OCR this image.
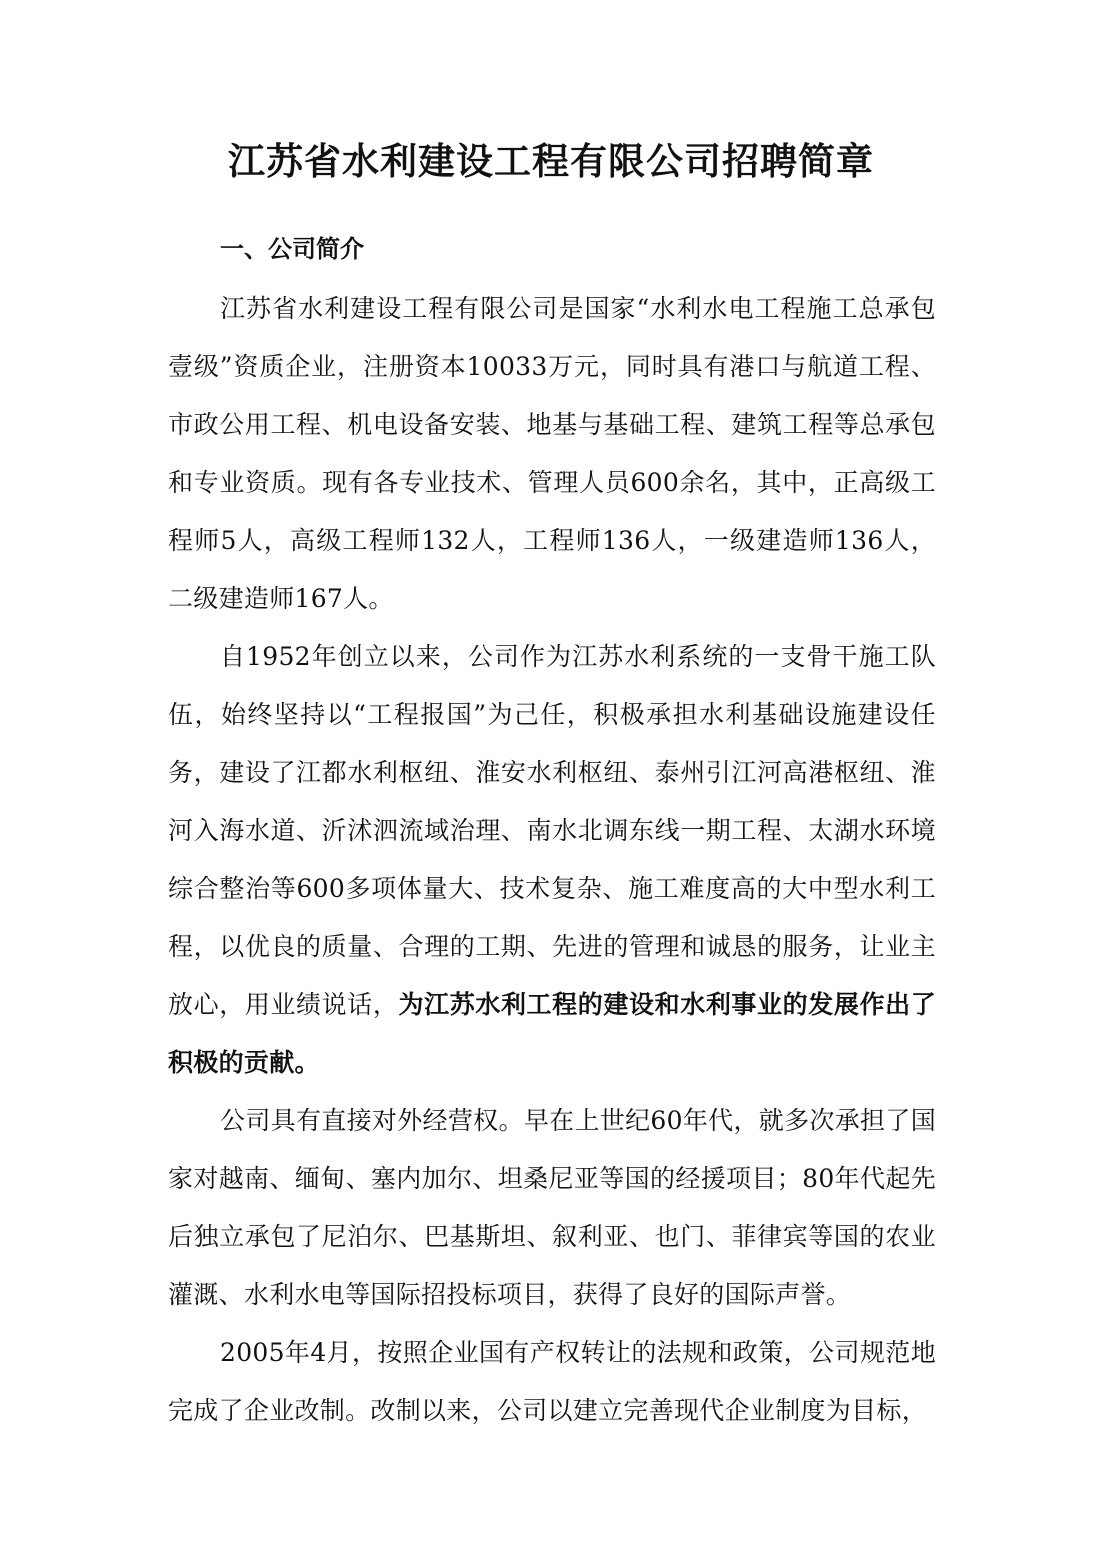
江苏省水利建设工程有限公司招聘简章
一、公司简介

江苏省水利建设工程有限公司是国家“水利水电工程施工总承包壹级”资质企业，注册资本10033万元，同时具有港口与航道工程、市政公用工程、机电设备安装、地基与基础工程、建筑工程等总承包和专业资质。现有各专业技术、管理人员600余名，其中，正高级工程师5人，高级工程师132人，工程师136人，一级建造师136人，二级建造师167人。

自1952年创立以来，公司作为江苏水利系统的一支骨干施工队伍，始终坚持以“工程报国”为己任，积极承担水利基础设施建设任务，建设了江都水利枢纽、淮安水利枢纽、泰州引江河高港枢纽、淮河入海水道、沂沭泗流域治理、南水北调东线一期工程、太湖水环境综合整治等600多项体量大、技术复杂、施工难度高的大中型水利工程，以优良的质量、合理的工期、先进的管理和诚恳的服务，让业主放心，用业绩说话，为江苏水利工程的建设和水利事业的发展作出了积极的贡献。

公司具有直接对外经营权。早在上世纪60年代，就多次承担了国家对越南、缅甸、塞内加尔、坦桑尼亚等国的经援项目；80年代起先后独立承包了尼泊尔、巴基斯坦、叙利亚、也门、菲律宾等国的农业灌溉、水利水电等国际招投标项目，获得了良好的国际声誉。

2005年4月，按照企业国有产权转让的法规和政策，公司规范地完成了企业改制。改制以来，公司以建立完善现代企业制度为目标，
